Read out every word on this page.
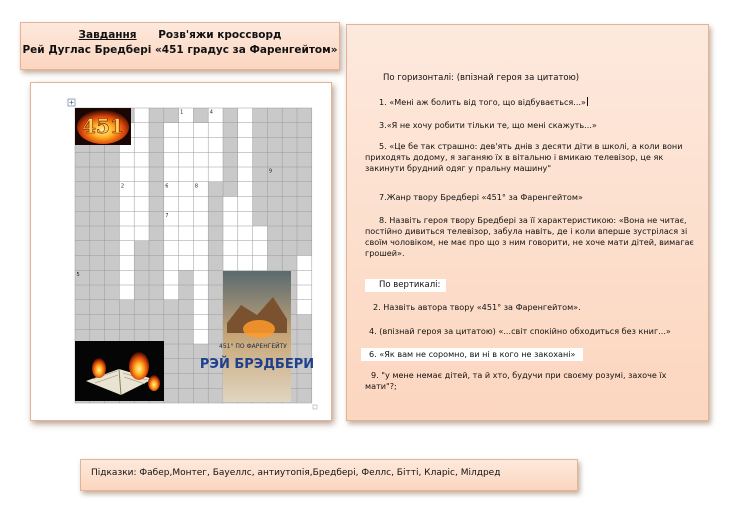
Завдання Розв'яжи кроссворд
Рей Дуглас Бредбері «451 градус за Фаренгейтом»
1	4
9
2	6	8
7
5
451
451° ПО ФАРЕНГЕЙТУ
РЭЙ БРЭДБЕРИ
По горизонталі: (впізнай героя за цитатою)
1. «Мені аж болить від того, що відбувається...»
3.«Я не хочу робити тільки те, що мені скажуть...»
5. «Це бе так страшно: дев'ять днів з десяти діти в школі, а коли вони приходять додому, я заганяю їх в вітальню і вмикаю телевізор, це як закинути брудний одяг у пральну машину"
7.Жанр твору Бредбері «451° за Фаренгейтом»
8. Назвіть героя твору Бредбері за її характеристикою: «Вона не читає, постійно дивиться телевізор, забула навіть, де і коли вперше зустрілася зі своїм чоловіком, не має про що з ним говорити, не хоче мати дітей, вимагає грошей».
По вертикалі:
2. Назвіть автора твору «451° за Фаренгейтом».
4. (впізнай героя за цитатою) «...світ спокійно обходиться без книг...»
6. «Як вам не соромно, ви ні в кого не закохані»
9. "у мене немає дітей, та й хто, будучи при своєму розумі, захоче їх мати"?;
Підказки: Фабер,Монтег, Бауеллс, антиутопія,Бредбері, Феллс, Бітті, Кларіс, Мілдред
